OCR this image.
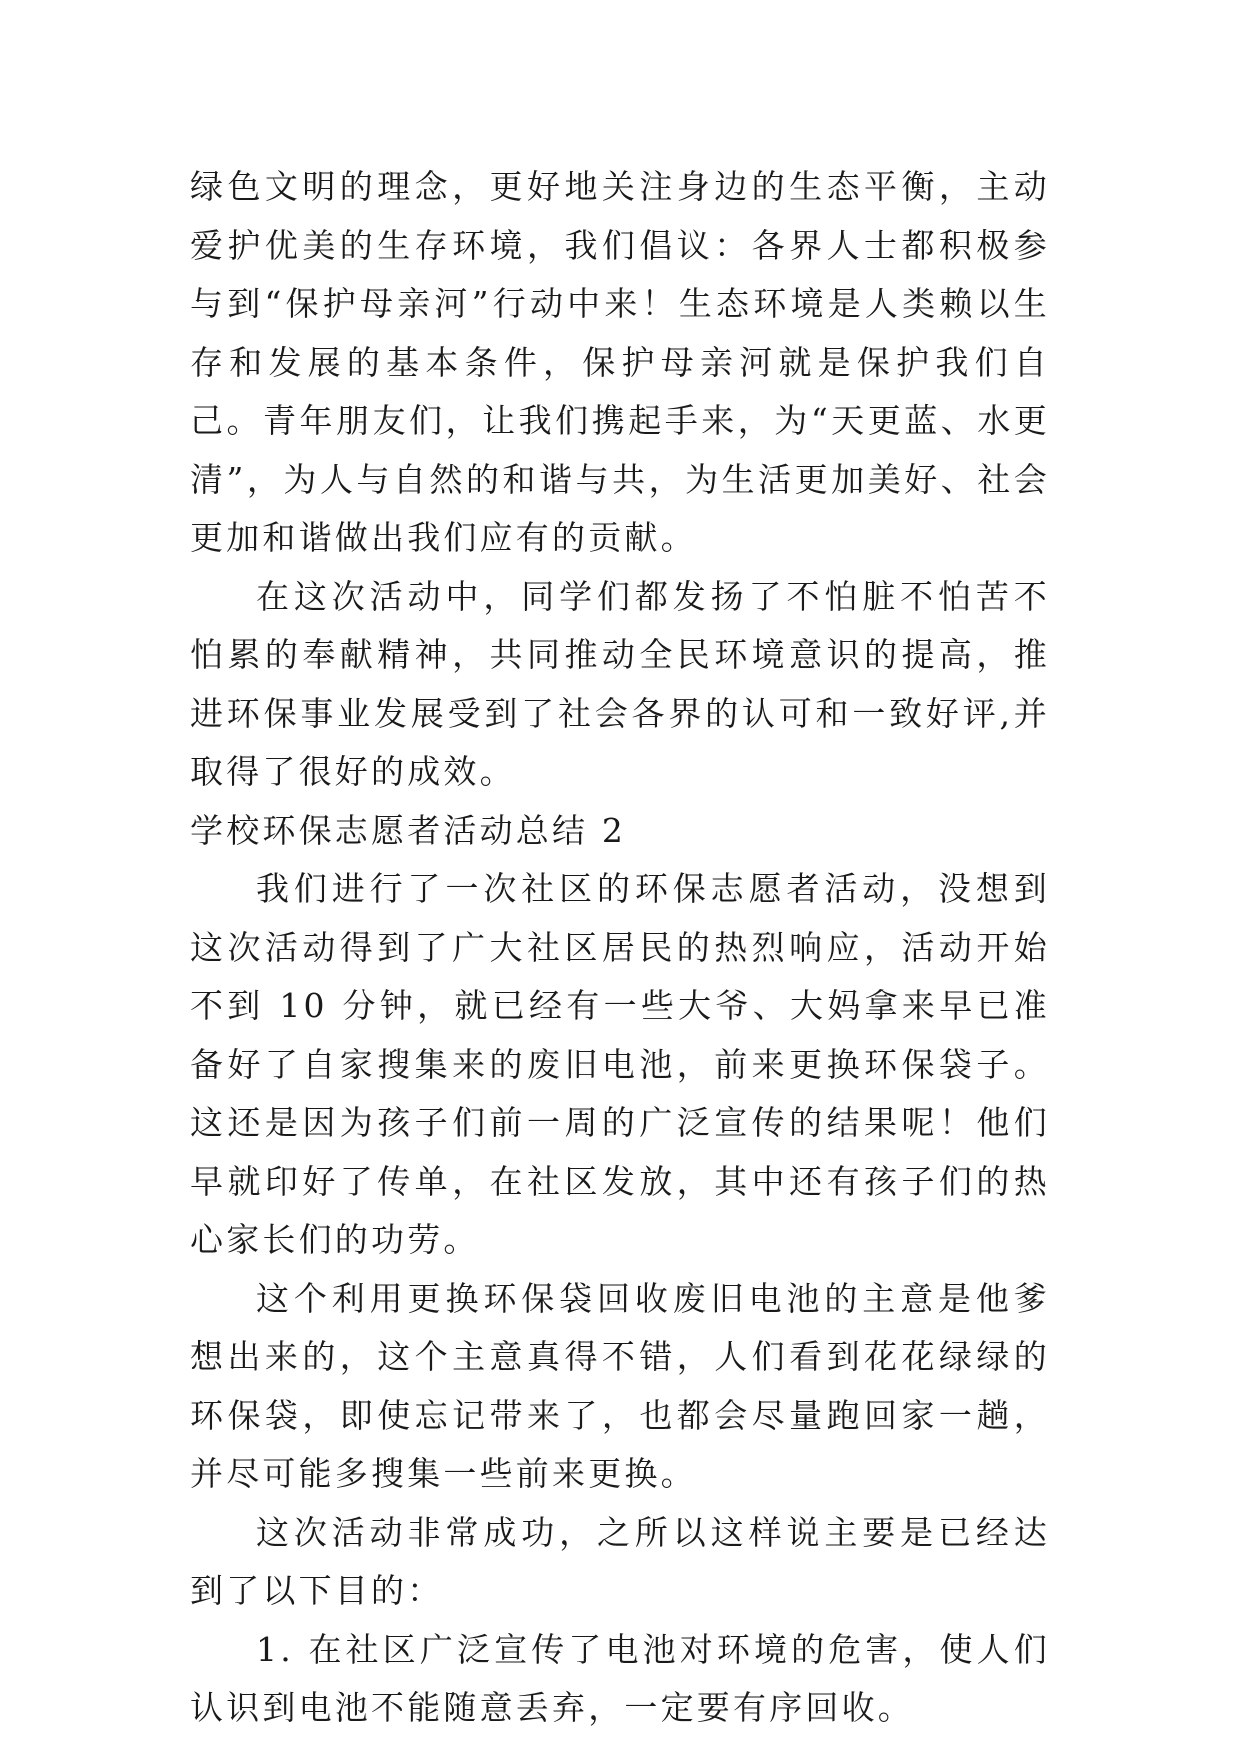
绿色文明的理念，更好地关注身边的生态平衡，主动爱护优美的生存环境，我们倡议：各界人士都积极参与到“保护母亲河”行动中来！生态环境是人类赖以生存和发展的基本条件，保护母亲河就是保护我们自己。青年朋友们，让我们携起手来，为“天更蓝、水更清”，为人与自然的和谐与共，为生活更加美好、社会更加和谐做出我们应有的贡献。

在这次活动中，同学们都发扬了不怕脏不怕苦不怕累的奉献精神，共同推动全民环境意识的提高，推进环保事业发展受到了社会各界的认可和一致好评,并取得了很好的成效。

学校环保志愿者活动总结 2

我们进行了一次社区的环保志愿者活动，没想到这次活动得到了广大社区居民的热烈响应，活动开始不到 10 分钟，就已经有一些大爷、大妈拿来早已准备好了自家搜集来的废旧电池，前来更换环保袋子。这还是因为孩子们前一周的广泛宣传的结果呢！他们早就印好了传单，在社区发放，其中还有孩子们的热心家长们的功劳。

这个利用更换环保袋回收废旧电池的主意是他爹想出来的，这个主意真得不错，人们看到花花绿绿的环保袋，即使忘记带来了，也都会尽量跑回家一趟，并尽可能多搜集一些前来更换。

这次活动非常成功，之所以这样说主要是已经达到了以下目的：

1. 在社区广泛宣传了电池对环境的危害，使人们认识到电池不能随意丢弃，一定要有序回收。
